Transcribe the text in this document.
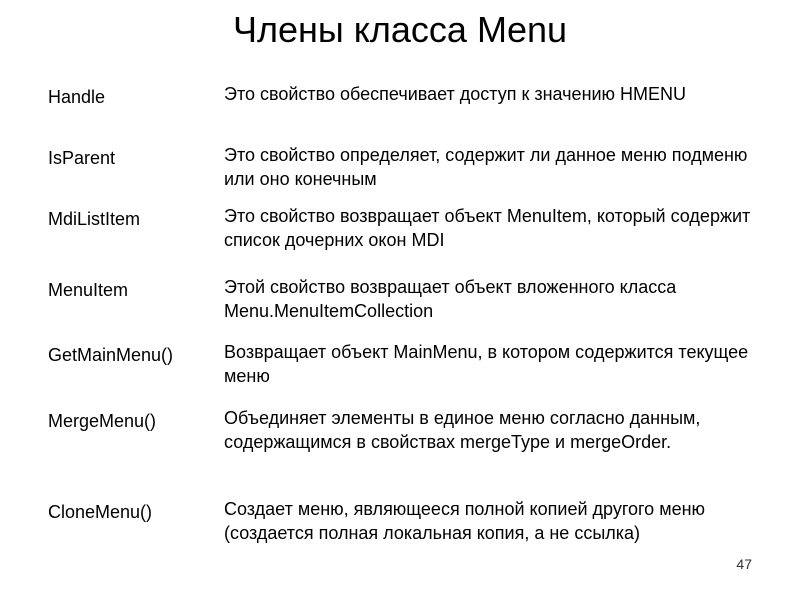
Члены класса Menu
Handle	Это свойство обеспечивает доступ к значению HMENU
IsParent	Это свойство определяет, содержит ли данное меню подменю или оно конечным
MdiListItem	Это свойство возвращает объект MenuItem, который содержит список дочерних окон MDI
MenuItem	Этой свойство возвращает объект вложенного класса Menu.MenuItemCollection
GetMainMenu()	Возвращает объект MainMenu, в котором содержится текущее меню
MergeMenu()	Объединяет элементы в единое меню согласно данным, содержащимся в свойствах mergeType и mergeOrder.
CloneMenu()	Создает меню, являющееся полной копией другого меню (создается полная локальная копия, а не ссылка)
47
